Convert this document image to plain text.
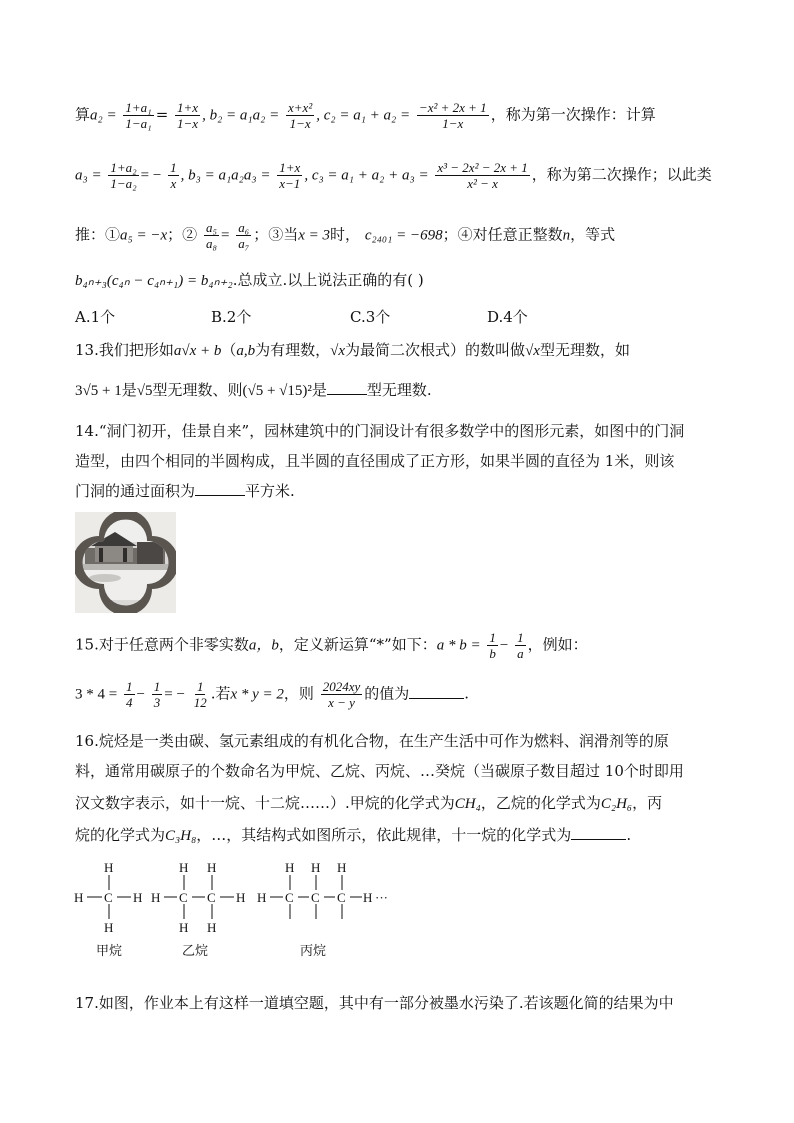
算$a_2 = \frac{\text{1+a₁}}{\text{1−a₁}} = \frac{1+x}{1-x}$ , $b_2 = a_1a_2 = \frac{\text{x+x²}}{1-x}$ , $c_2 = a_1 + a_2 = \frac{\text{−x² + 2x + 1}}{1-x}$ ，称为第一次操作：计算
$a_3 = \frac{\text{1+a₂}}{\text{1−a₂}}$ = − $\frac{1}{x}$ , $b_3 = a_1a_2a_3 = \frac{1+x}{x-1}$ , $c_3 = a_1 + a_2 + a_3 = \frac{\text{x³ − 2x² − 2x + 1}}{\text{x² − x}}$ ，称为第二次操作；以此类
推：①a₅ = −x；② $\frac{\text{a₅}}{\text{a₈}} = \frac{\text{a₆}}{\text{a₇}}$ ；③当x = 3时， c₂₄₀₁ = −698；④对任意正整数n，等式
b₄ₙ₊₃(c₄ₙ − c₄ₙ₊₁) = b₄ₙ₊₂.总成立.以上说法正确的有( )
A.1个	B.2个	C.3个	D.4个
13.我们把形如a√x + b（a,b为有理数，√x为最简二次根式）的数叫做√x型无理数，如
3√5 + 1是√5型无理数、则(√5 + √15)²是	型无理数.
14.“洞门初开，佳景自来”，园林建筑中的门洞设计有很多数学中的图形元素，如图中的门洞
造型，由四个相同的半圆构成，且半圆的直径围成了正方形，如果半圆的直径为 1米，则该
门洞的通过面积为	平方米.
15.对于任意两个非零实数a，b，定义新运算“*”如下：$a * b = \frac{1}{b} - \frac{1}{a}$ ，例如：
$3 * 4 = \frac{1}{4} - \frac{1}{3}$ = − $\frac{1}{12}$ .若x * y = 2，则 $\frac{2024xy}{x - y}$ 的值为	.
16.烷烃是一类由碳、氢元素组成的有机化合物，在生产生活中可作为燃料、润滑剂等的原
料，通常用碳原子的个数命名为甲烷、乙烷、丙烷、…癸烷（当碳原子数目超过 10个时即用
汉文数字表示，如十一烷、十二烷……）.甲烷的化学式为CH₄，乙烷的化学式为C₂H₆，丙
烷的化学式为C₃H₈，…，其结构式如图所示，依此规律，十一烷的化学式为	.
H
H C H
H
甲烷
H H
H C C H
H H
乙烷
H H H
H C C C H ···
丙烷
17.如图，作业本上有这样一道填空题，其中有一部分被墨水污染了.若该题化简的结果为中
